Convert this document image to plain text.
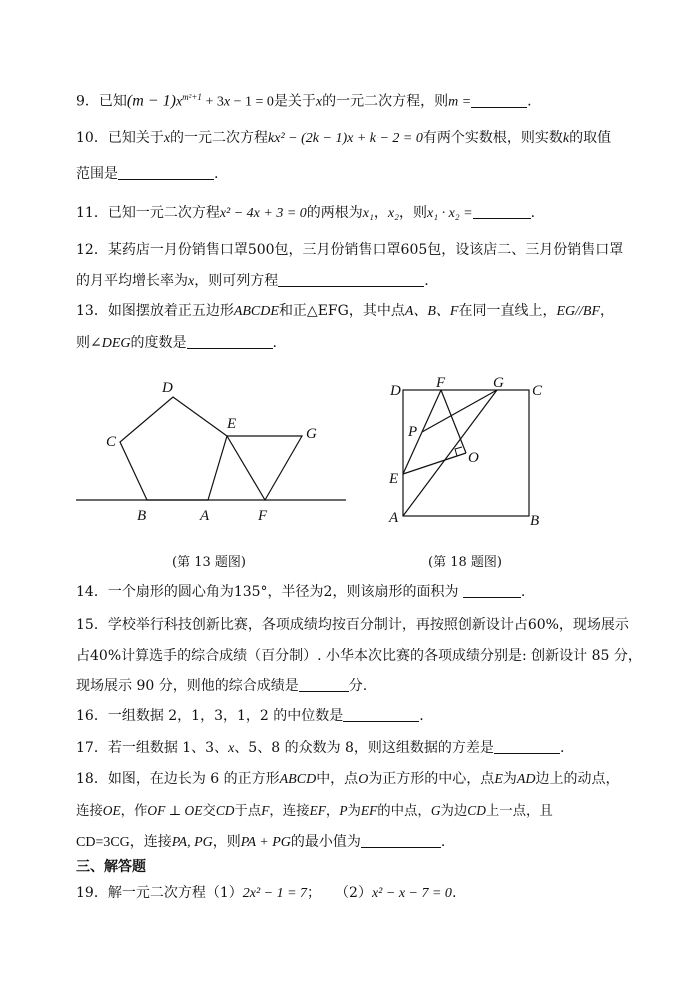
9．已知$(m - 1)x^{m^2+1} + 3x - 1 = 0$是关于x的一元二次方程，则m =	.
10．已知关于x的一元二次方程kx² − (2k − 1)x + k − 2 = 0有两个实数根，则实数k的取值
范围是	.
11．已知一元二次方程x² − 4x + 3 = 0的两根为x₁，x₂，则x₁ · x₂ =	.
12．某药店一月份销售口罩500包，三月份销售口罩605包，设该店二、三月份销售口罩
的月平均增长率为x，则可列方程	.
13．如图摆放着正五边形ABCDE和正△EFG，其中点A、B、F在同一直线上，EG//BF，
则∠DEG的度数是	.
D
C
E
G
B	A	F
(第 13 题图)
D F	G C
P
O
E
A	B
(第 18 题图)
14．一个扇形的圆心角为135°，半径为2，则该扇形的面积为	.
15．学校举行科技创新比赛，各项成绩均按百分制计，再按照创新设计占60%，现场展示
占40%计算选手的综合成绩（百分制）. 小华本次比赛的各项成绩分别是: 创新设计 85 分，
现场展示 90 分，则他的综合成绩是	分.
16．一组数据 2，1，3，1，2 的中位数是	.
17．若一组数据 1、3、x、5、8 的众数为 8，则这组数据的方差是	.
18．如图，在边长为 6 的正方形ABCD中，点O为正方形的中心，点E为AD边上的动点，
连接OE，作OF ⊥ OE交CD于点F，连接EF，P为EF的中点，G为边CD上一点，且
CD=3CG，连接PA, PG，则PA + PG的最小值为	.
三、解答题
19．解一元二次方程（1）2x² − 1 = 7；　　（2）x² − x − 7 = 0.
